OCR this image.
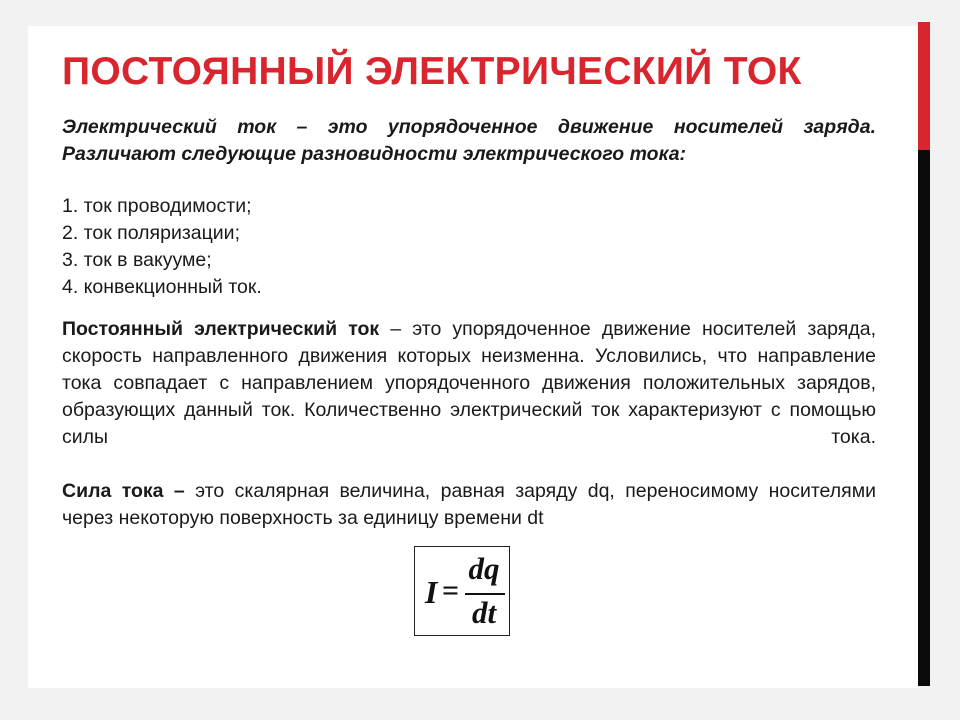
ПОСТОЯННЫЙ ЭЛЕКТРИЧЕСКИЙ ТОК
Электрический ток – это упорядоченное движение носителей заряда. Различают следующие разновидности электрического тока:
1. ток проводимости;
2. ток поляризации;
3. ток в вакууме;
4. конвекционный ток.
Постоянный электрический ток – это упорядоченное движение носителей заряда, скорость направленного движения которых неизменна. Условились, что направление тока совпадает с направлением упорядоченного движения положительных зарядов, образующих данный ток. Количественно электрический ток характеризуют с помощью силы тока.
Сила тока – это скалярная величина, равная заряду dq, переносимому носителями через некоторую поверхность за единицу времени dt
I =
dq
dt
